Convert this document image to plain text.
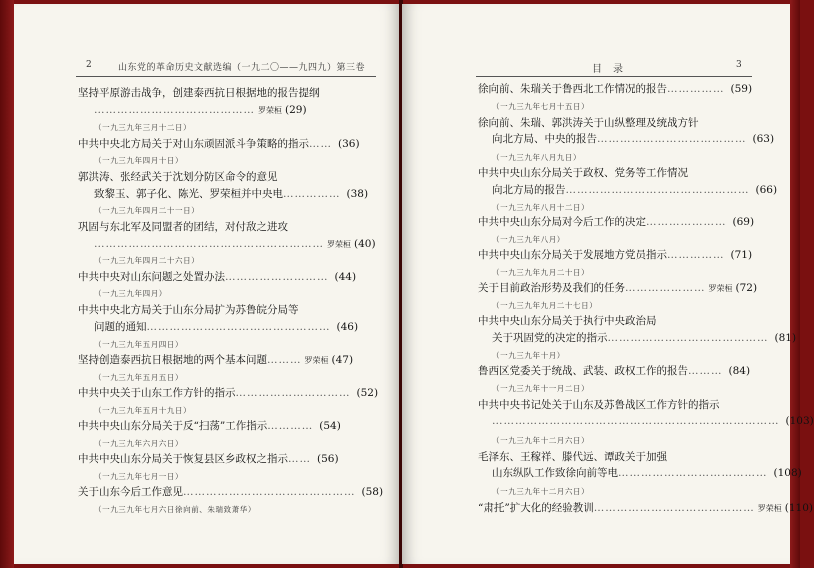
2	山东党的革命历史文献选编（一九二〇——九四九）第三卷
坚持平原游击战争，创建泰西抗日根据地的报告提纲
…………………………………… 罗荣桓 (29)
（一九三九年三月十二日）
中共中央北方局关于对山东顽固派斗争策略的指示…… (36)
（一九三九年四月十日）
郭洪涛、张经武关于沈划分防区命令的意见
致黎玉、郭子化、陈光、罗荣桓并中央电…………… (38)
（一九三九年四月二十一日）
巩固与东北军及同盟者的团结，对付敌之进攻
…………………………………………………… 罗荣桓 (40)
（一九三九年四月二十六日）
中共中央对山东问题之处置办法……………………… (44)
（一九三九年四月）
中共中央北方局关于山东分局扩为苏鲁皖分局等
问题的通知………………………………………… (46)
（一九三九年五月四日）
坚持创造泰西抗日根据地的两个基本问题……… 罗荣桓 (47)
（一九三九年五月五日）
中共中央关于山东工作方针的指示………………………… (52)
（一九三九年五月十九日）
中共中央山东分局关于反“扫荡”工作指示………… (54)
（一九三九年六月六日）
中共中央山东分局关于恢复县区乡政权之指示…… (56)
（一九三九年七月一日）
关于山东今后工作意见……………………………………… (58)
（一九三九年七月六日徐向前、朱瑞致萧华）
目　录	3
徐向前、朱瑞关于鲁西北工作情况的报告…………… (59)
（一九三九年七月十五日）
徐向前、朱瑞、郭洪涛关于山纵整理及统战方针
向北方局、中央的报告………………………………… (63)
（一九三九年八月九日）
中共中央山东分局关于政权、党务等工作情况
向北方局的报告………………………………………… (66)
（一九三九年八月十二日）
中共中央山东分局对今后工作的决定………………… (69)
（一九三九年八月）
中共中央山东分局关于发展地方党员指示…………… (71)
（一九三九年九月二十日）
关于目前政治形势及我们的任务………………… 罗荣桓 (72)
（一九三九年九月二十七日）
中共中央山东分局关于执行中央政治局
关于巩固党的决定的指示…………………………………… (81)
（一九三九年十月）
鲁西区党委关于统战、武装、政权工作的报告……… (84)
（一九三九年十一月二日）
中共中央书记处关于山东及苏鲁战区工作方针的指示
………………………………………………………………… (103)
（一九三九年十二月六日）
毛泽东、王稼祥、滕代远、谭政关于加强
山东纵队工作致徐向前等电………………………………… (108)
（一九三九年十二月六日）
“肃托”扩大化的经验教训…………………………………… 罗荣桓 (110)
